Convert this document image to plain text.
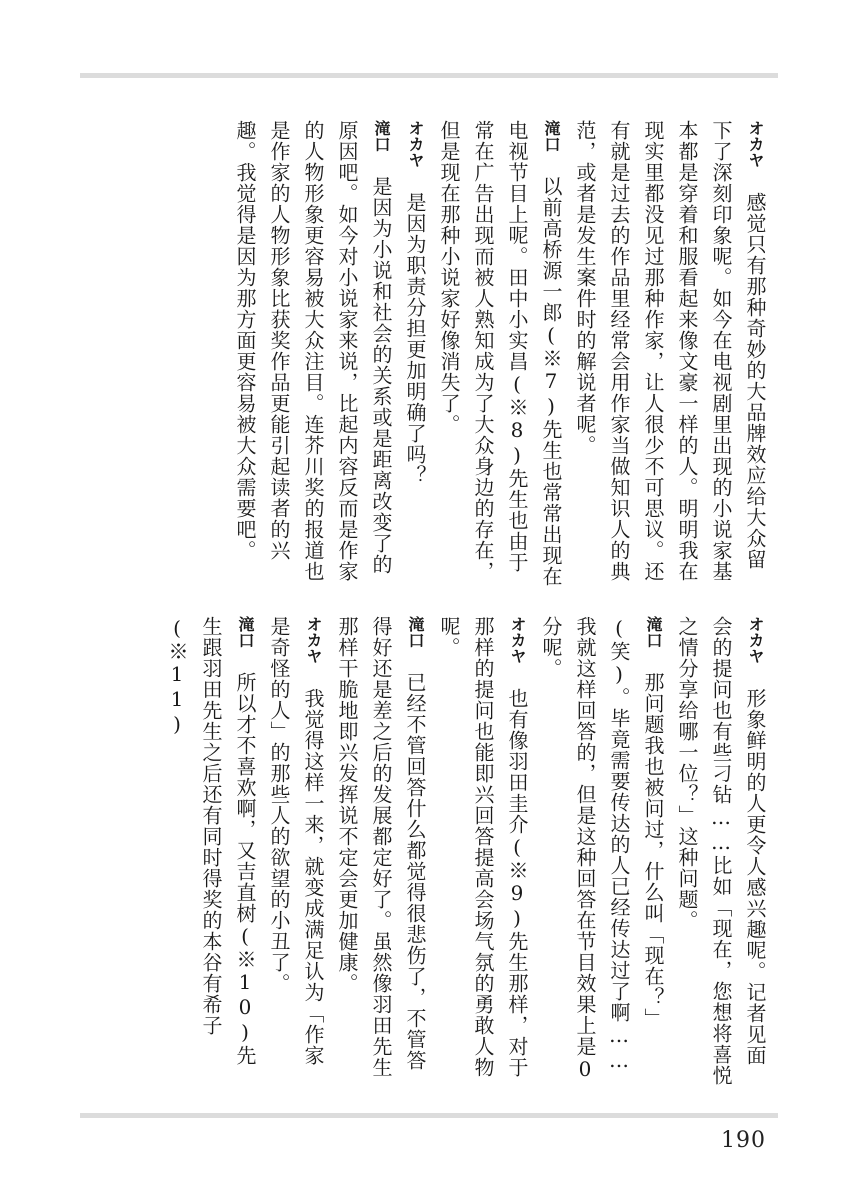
オカヤ感觉只有那种奇妙的大品牌效应给大众留下了深刻印象呢。如今在电视剧里出现的小说家基本都是穿着和服看起来像文豪一样的人。明明我在现实里都没见过那种作家，让人很少不可思议。还有就是过去的作品里经常会用作家当做知识人的典范，或者是发生案件时的解说者呢。

滝口以前高桥源一郎(※7)先生也常常出现在电视节目上呢。田中小实昌(※8)先生也由于常在广告出现而被人熟知成为了大众身边的存在，但是现在那种小说家好像消失了。

オカヤ是因为职责分担更加明确了吗？

滝口是因为小说和社会的关系或是距离改变了的原因吧。如今对小说家来说，比起内容反而是作家的人物形象更容易被大众注目。连芥川奖的报道也是作家的人物形象比获奖作品更能引起读者的兴趣。我觉得是因为那方面更容易被大众需要吧。

オカヤ形象鲜明的人更令人感兴趣呢。记者见面会的提问也有些刁钻……比如「现在，您想将喜悦之情分享给哪一位？」这种问题。

滝口那问题我也被问过，什么叫「现在？」(笑)。毕竟需要传达的人已经传达过了啊……我就这样回答的，但是这种回答在节目效果上是0分呢。

オカヤ也有像羽田圭介(※9)先生那样，对于那样的提问也能即兴回答提高会场气氛的勇敢人物呢。

滝口已经不管回答什么都觉得很悲伤了，不管答得好还是差之后的发展都定好了。虽然像羽田先生那样干脆地即兴发挥说不定会更加健康。

オカヤ我觉得这样一来，就变成满足认为「作家是奇怪的人」的那些人的欲望的小丑了。

滝口所以才不喜欢啊，又吉直树(※10)先生跟羽田先生之后还有同时得奖的本谷有希子(※11)

190
